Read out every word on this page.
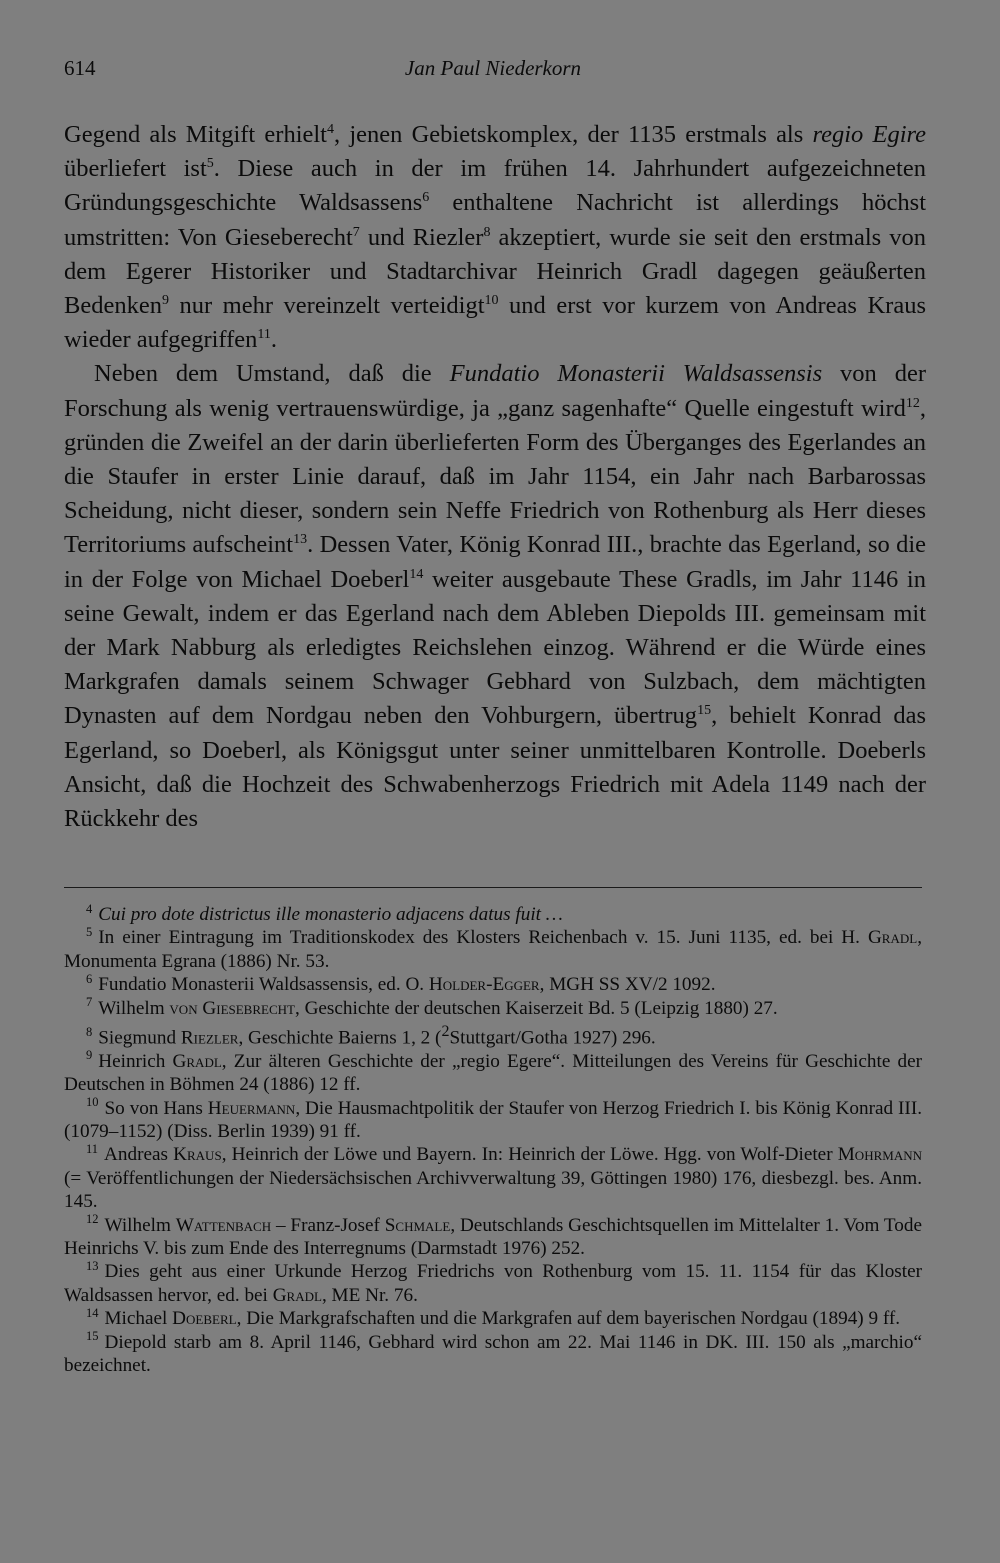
614	Jan Paul Niederkorn

Gegend als Mitgift erhielt$^4$, jenen Gebietskomplex, der 1135 erstmals als regio Egire überliefert ist$^5$. Diese auch in der im frühen 14. Jahrhundert aufgezeichneten Gründungsgeschichte Waldsassens$^6$ enthaltene Nachricht ist allerdings höchst umstritten: Von Gieseberecht$^7$ und Riezler$^8$ akzeptiert, wurde sie seit den erstmals von dem Egerer Historiker und Stadtarchivar Heinrich Gradl dagegen geäußerten Bedenken$^9$ nur mehr vereinzelt verteidigt$^{10}$ und erst vor kurzem von Andreas Kraus wieder aufgegriffen$^{11}$.

Neben dem Umstand, daß die Fundatio Monasterii Waldsassensis von der Forschung als wenig vertrauenswürdige, ja „ganz sagenhafte“ Quelle eingestuft wird$^{12}$, gründen die Zweifel an der darin überlieferten Form des Überganges des Egerlandes an die Staufer in erster Linie darauf, daß im Jahr 1154, ein Jahr nach Barbarossas Scheidung, nicht dieser, sondern sein Neffe Friedrich von Rothenburg als Herr dieses Territoriums aufscheint$^{13}$. Dessen Vater, König Konrad III., brachte das Egerland, so die in der Folge von Michael Doeberl$^{14}$ weiter ausgebaute These Gradls, im Jahr 1146 in seine Gewalt, indem er das Egerland nach dem Ableben Diepolds III. gemeinsam mit der Mark Nabburg als erledigtes Reichslehen einzog. Während er die Würde eines Markgrafen damals seinem Schwager Gebhard von Sulzbach, dem mächtigten Dynasten auf dem Nordgau neben den Vohburgern, übertrug$^{15}$, behielt Konrad das Egerland, so Doeberl, als Königsgut unter seiner unmittelbaren Kontrolle. Doeberls Ansicht, daß die Hochzeit des Schwabenherzogs Friedrich mit Adela 1149 nach der Rückkehr des

$^4$ Cui pro dote districtus ille monasterio adjacens datus fuit …

$^5$ In einer Eintragung im Traditionskodex des Klosters Reichenbach v. 15. Juni 1135, ed. bei H. Gradl, Monumenta Egrana (1886) Nr. 53.

$^6$ Fundatio Monasterii Waldsassensis, ed. O. Holder-Egger, MGH SS XV/2 1092.

$^7$ Wilhelm von Giesebrecht, Geschichte der deutschen Kaiserzeit Bd. 5 (Leipzig 1880) 27.

$^8$ Siegmund Riezler, Geschichte Baierns 1, 2 ($^2$Stuttgart/Gotha 1927) 296.

$^9$ Heinrich Gradl, Zur älteren Geschichte der „regio Egere“. Mitteilungen des Vereins für Geschichte der Deutschen in Böhmen 24 (1886) 12 ff.

$^{10}$ So von Hans Heuermann, Die Hausmachtpolitik der Staufer von Herzog Friedrich I. bis König Konrad III. (1079–1152) (Diss. Berlin 1939) 91 ff.

$^{11}$ Andreas Kraus, Heinrich der Löwe und Bayern. In: Heinrich der Löwe. Hgg. von Wolf-Dieter Mohrmann (= Veröffentlichungen der Niedersächsischen Archivverwaltung 39, Göttingen 1980) 176, diesbezgl. bes. Anm. 145.

$^{12}$ Wilhelm Wattenbach – Franz-Josef Schmale, Deutschlands Geschichtsquellen im Mittelalter 1. Vom Tode Heinrichs V. bis zum Ende des Interregnums (Darmstadt 1976) 252.

$^{13}$ Dies geht aus einer Urkunde Herzog Friedrichs von Rothenburg vom 15. 11. 1154 für das Kloster Waldsassen hervor, ed. bei Gradl, ME Nr. 76.

$^{14}$ Michael Doeberl, Die Markgrafschaften und die Markgrafen auf dem bayerischen Nordgau (1894) 9 ff.

$^{15}$ Diepold starb am 8. April 1146, Gebhard wird schon am 22. Mai 1146 in DK. III. 150 als „marchio“ bezeichnet.
